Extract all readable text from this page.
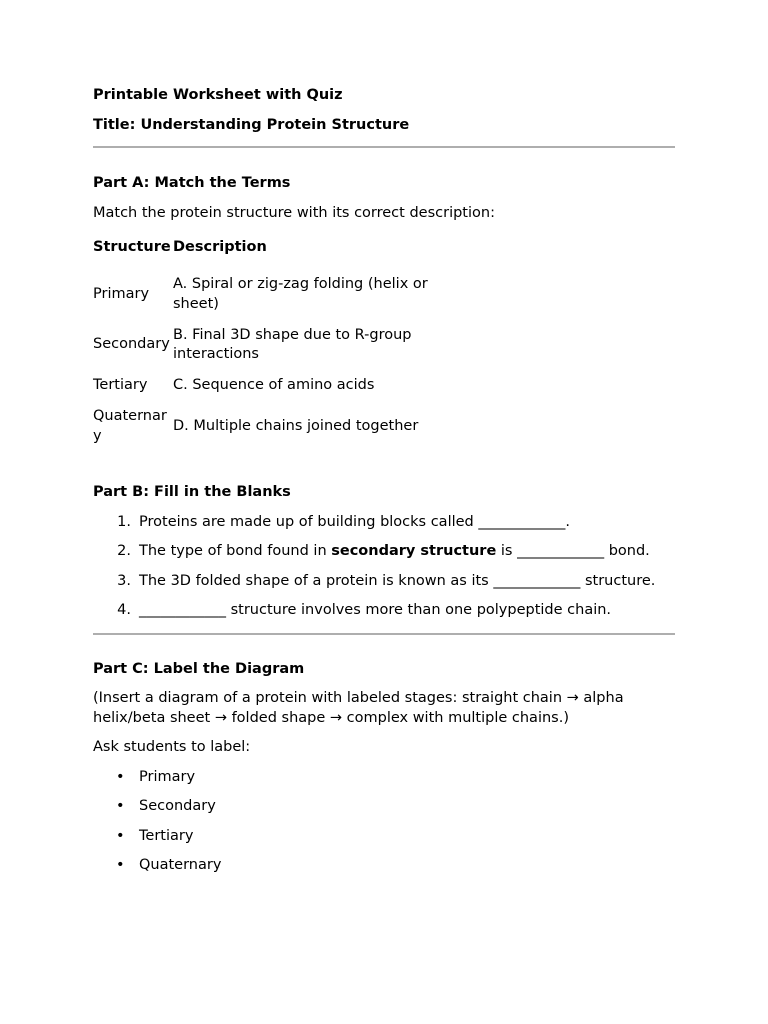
Printable Worksheet with Quiz

Title: Understanding Protein Structure

Part A: Match the Terms

Match the protein structure with its correct description:

Structure	Description
Primary	A. Spiral or zig-zag folding (helix or sheet)
Secondary	B. Final 3D shape due to R-group interactions
Tertiary	C. Sequence of amino acids
Quaternary	D. Multiple chains joined together

Part B: Fill in the Blanks

1. Proteins are made up of building blocks called ____________.
2. The type of bond found in secondary structure is ____________ bond.
3. The 3D folded shape of a protein is known as its ____________ structure.
4. ____________ structure involves more than one polypeptide chain.

Part C: Label the Diagram

(Insert a diagram of a protein with labeled stages: straight chain → alpha helix/beta sheet → folded shape → complex with multiple chains.)

Ask students to label:

• Primary
• Secondary
• Tertiary
• Quaternary
